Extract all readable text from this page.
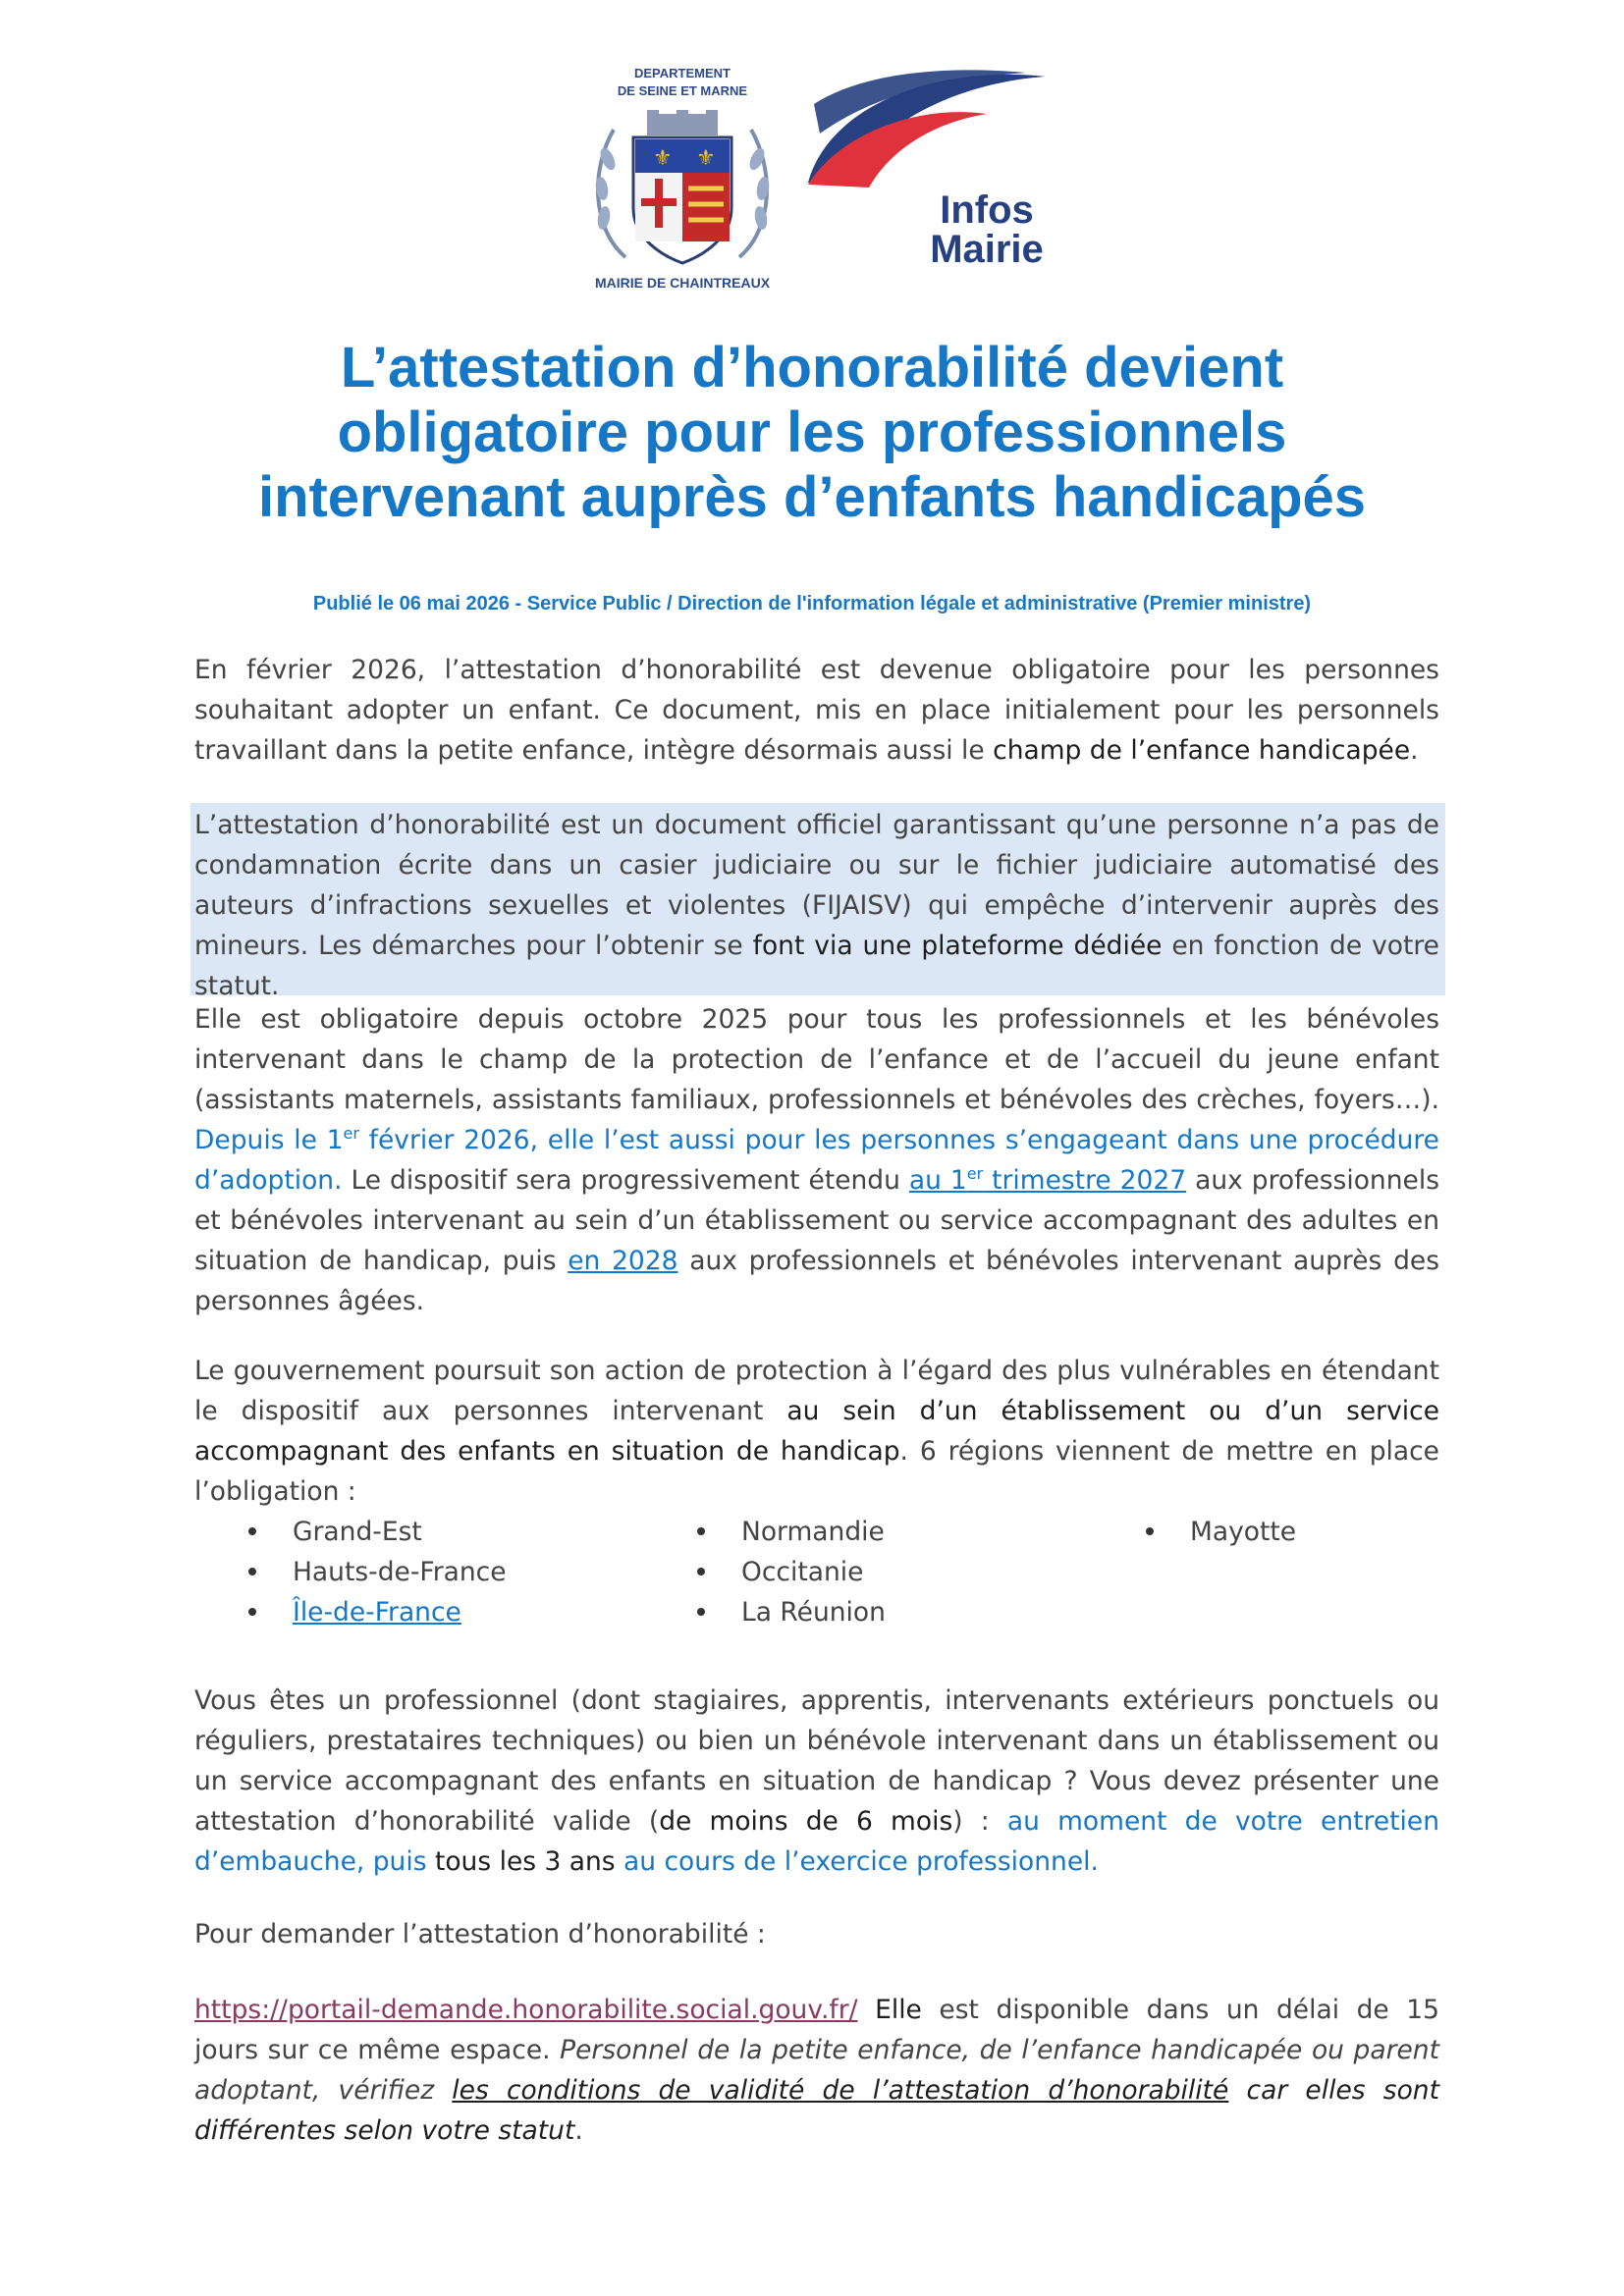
DEPARTEMENT
DE SEINE ET MARNE
⚜ ⚜
MAIRIE DE CHAINTREAUX
Infos
Mairie
L’attestation d’honorabilité devient
obligatoire pour les professionnels
intervenant auprès d’enfants handicapés
Publié le 06 mai 2026 - Service Public / Direction de l'information légale et administrative (Premier ministre)

En février 2026, l’attestation d’honorabilité est devenue obligatoire pour les personnes souhaitant adopter un enfant. Ce document, mis en place initialement pour les personnels travaillant dans la petite enfance, intègre désormais aussi le champ de l’enfance handicapée.

L’attestation d’honorabilité est un document officiel garantissant qu’une personne n’a pas de condamnation écrite dans un casier judiciaire ou sur le fichier judiciaire automatisé des auteurs d’infractions sexuelles et violentes (FIJAISV) qui empêche d’intervenir auprès des mineurs. Les démarches pour l’obtenir se font via une plateforme dédiée en fonction de votre statut.

Elle est obligatoire depuis octobre 2025 pour tous les professionnels et les bénévoles intervenant dans le champ de la protection de l’enfance et de l’accueil du jeune enfant (assistants maternels, assistants familiaux, professionnels et bénévoles des crèches, foyers…). Depuis le 1er février 2026, elle l’est aussi pour les personnes s’engageant dans une procédure d’adoption. Le dispositif sera progressivement étendu au 1er trimestre 2027 aux professionnels et bénévoles intervenant au sein d’un établissement ou service accompagnant des adultes en situation de handicap, puis en 2028 aux professionnels et bénévoles intervenant auprès des personnes âgées.

Le gouvernement poursuit son action de protection à l’égard des plus vulnérables en étendant le dispositif aux personnes intervenant au sein d’un établissement ou d’un service accompagnant des enfants en situation de handicap. 6 régions viennent de mettre en place l’obligation :

Grand-Est
Hauts-de-France
Île-de-France
Normandie
Occitanie
La Réunion
Mayotte

Vous êtes un professionnel (dont stagiaires, apprentis, intervenants extérieurs ponctuels ou réguliers, prestataires techniques) ou bien un bénévole intervenant dans un établissement ou un service accompagnant des enfants en situation de handicap ? Vous devez présenter une attestation d’honorabilité valide (de moins de 6 mois) : au moment de votre entretien d’embauche, puis tous les 3 ans au cours de l’exercice professionnel.

Pour demander l’attestation d’honorabilité :

https://portail-demande.honorabilite.social.gouv.fr/ Elle est disponible dans un délai de 15 jours sur ce même espace. Personnel de la petite enfance, de l’enfance handicapée ou parent adoptant, vérifiez les conditions de validité de l’attestation d’honorabilité car elles sont différentes selon votre statut.
